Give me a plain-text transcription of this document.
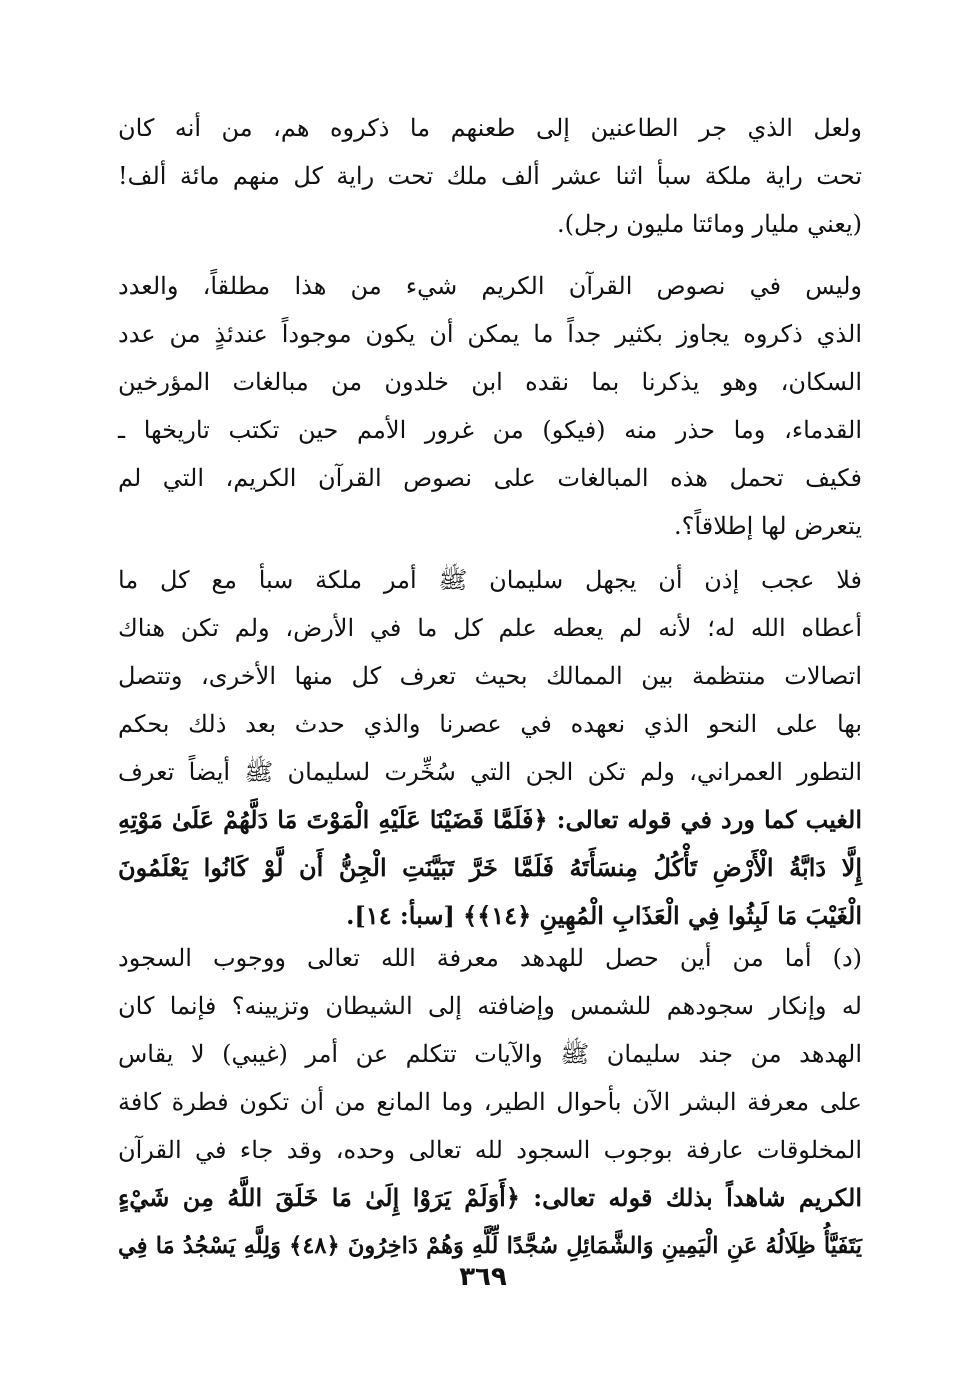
ولعل الذي جر الطاعنين إلى طعنهم ما ذكروه هم، من أنه كان
تحت راية ملكة سبأ اثنا عشر ألف ملك تحت راية كل منهم مائة ألف!
(يعني مليار ومائتا مليون رجل).
وليس في نصوص القرآن الكريم شيء من هذا مطلقاً، والعدد
الذي ذكروه يجاوز بكثير جداً ما يمكن أن يكون موجوداً عندئذٍ من عدد
السكان، وهو يذكرنا بما نقده ابن خلدون من مبالغات المؤرخين
القدماء، وما حذر منه (فيكو) من غرور الأمم حين تكتب تاريخها ـ
فكيف تحمل هذه المبالغات على نصوص القرآن الكريم، التي لم
يتعرض لها إطلاقاً؟.
فلا عجب إذن أن يجهل سليمان ﷺ أمر ملكة سبأ مع كل ما
أعطاه الله له؛ لأنه لم يعطه علم كل ما في الأرض، ولم تكن هناك
اتصالات منتظمة بين الممالك بحيث تعرف كل منها الأخرى، وتتصل
بها على النحو الذي نعهده في عصرنا والذي حدث بعد ذلك بحكم
التطور العمراني، ولم تكن الجن التي سُخِّرت لسليمان ﷺ أيضاً تعرف
الغيب كما ورد في قوله تعالى: ﴿فَلَمَّا قَضَيْنَا عَلَيْهِ الْمَوْتَ مَا دَلَّهُمْ عَلَىٰ مَوْتِهِ
إِلَّا دَابَّةُ الْأَرْضِ تَأْكُلُ مِنسَأَتَهُ فَلَمَّا خَرَّ تَبَيَّنَتِ الْجِنُّ أَن لَّوْ كَانُوا يَعْلَمُونَ
الْغَيْبَ مَا لَبِثُوا فِي الْعَذَابِ الْمُهِينِ ﴿١٤﴾﴾ [سبأ: ١٤].
(د) أما من أين حصل للهدهد معرفة الله تعالى ووجوب السجود
له وإنكار سجودهم للشمس وإضافته إلى الشيطان وتزيينه؟ فإنما كان
الهدهد من جند سليمان ﷺ والآيات تتكلم عن أمر (غيبي) لا يقاس
على معرفة البشر الآن بأحوال الطير، وما المانع من أن تكون فطرة كافة
المخلوقات عارفة بوجوب السجود لله تعالى وحده، وقد جاء في القرآن
الكريم شاهداً بذلك قوله تعالى: ﴿أَوَلَمْ يَرَوْا إِلَىٰ مَا خَلَقَ اللَّهُ مِن شَيْءٍ
يَتَفَيَّأُ ظِلَالُهُ عَنِ الْيَمِينِ وَالشَّمَائِلِ سُجَّدًا لِّلَّهِ وَهُمْ دَاخِرُونَ ﴿٤٨﴾ وَلِلَّهِ يَسْجُدُ مَا فِي
٣٦٩
